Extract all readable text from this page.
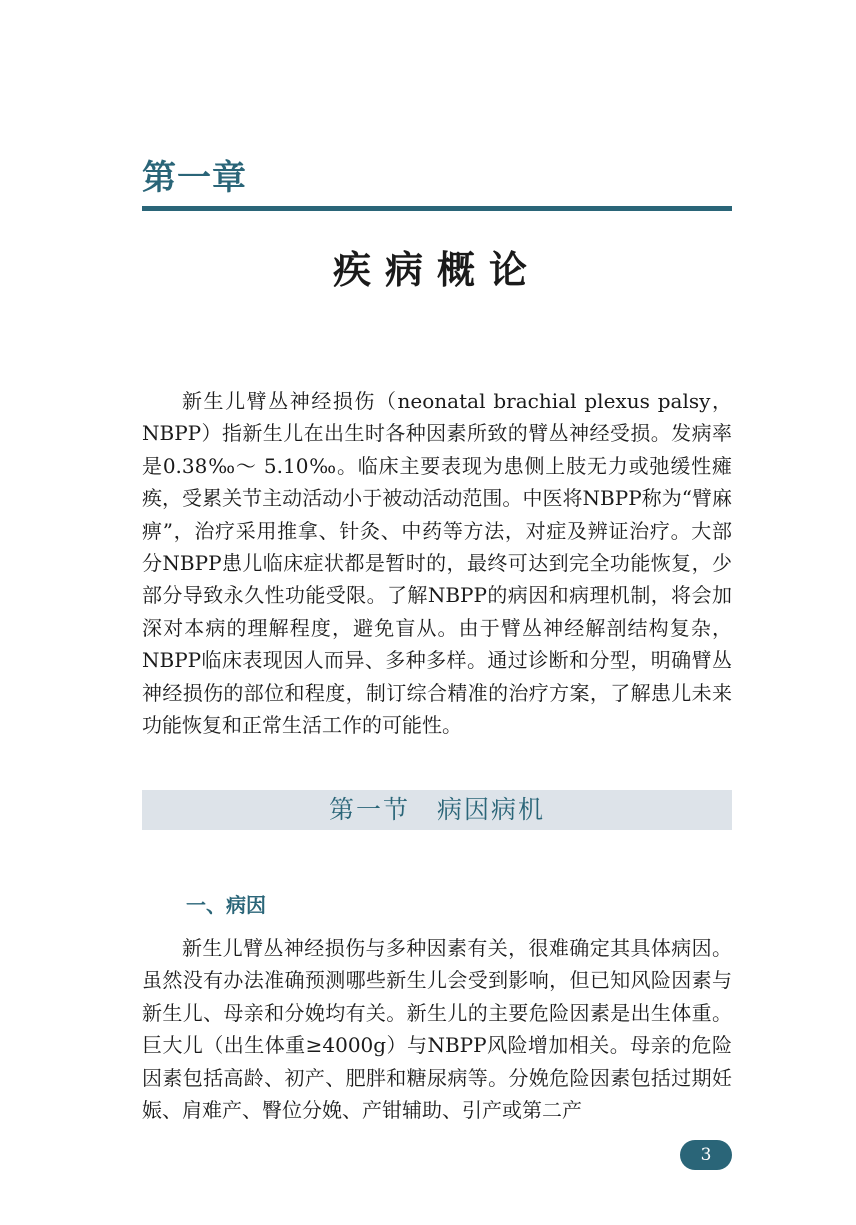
第一章
疾病概论

新生儿臂丛神经损伤（neonatal brachial plexus palsy，NBPP）指新生儿在出生时各种因素所致的臂丛神经受损。发病率是0.38‰～ 5.10‰。临床主要表现为患侧上肢无力或弛缓性瘫痪，受累关节主动活动小于被动活动范围。中医将NBPP称为“臂麻痹”，治疗采用推拿、针灸、中药等方法，对症及辨证治疗。大部分NBPP患儿临床症状都是暂时的，最终可达到完全功能恢复，少部分导致永久性功能受限。了解NBPP的病因和病理机制，将会加深对本病的理解程度，避免盲从。由于臂丛神经解剖结构复杂，NBPP临床表现因人而异、多种多样。通过诊断和分型，明确臂丛神经损伤的部位和程度，制订综合精准的治疗方案，了解患儿未来功能恢复和正常生活工作的可能性。

第一节　病因病机
一、病因

新生儿臂丛神经损伤与多种因素有关，很难确定其具体病因。虽然没有办法准确预测哪些新生儿会受到影响，但已知风险因素与新生儿、母亲和分娩均有关。新生儿的主要危险因素是出生体重。巨大儿（出生体重≥4000g）与NBPP风险增加相关。母亲的危险因素包括高龄、初产、肥胖和糖尿病等。分娩危险因素包括过期妊娠、肩难产、臀位分娩、产钳辅助、引产或第二产

3
